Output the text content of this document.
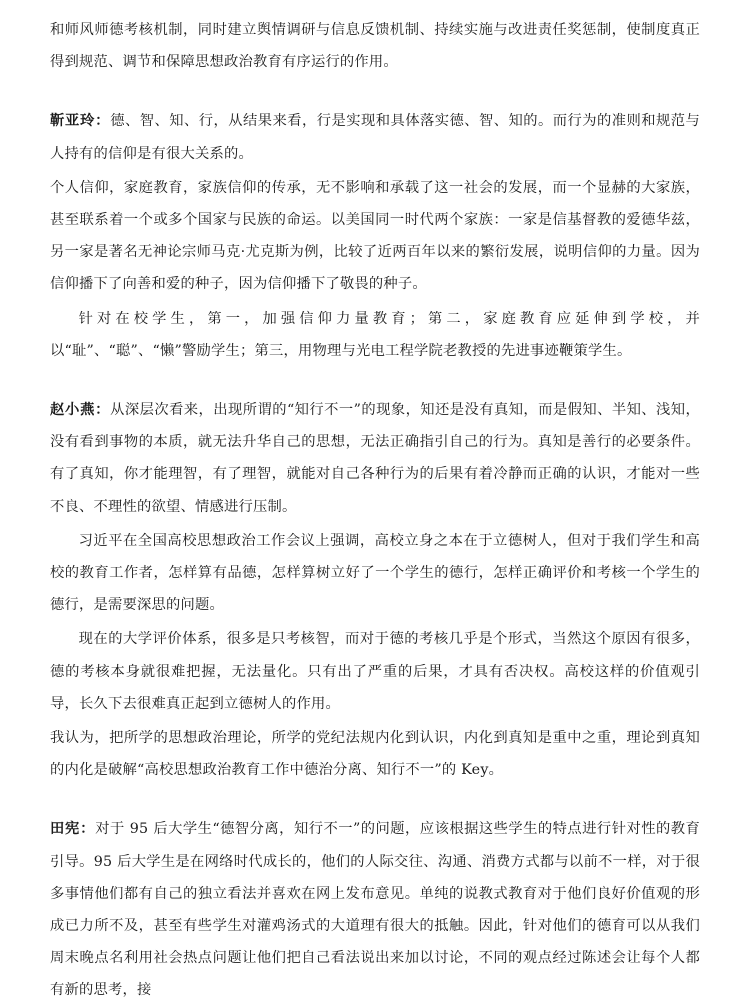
和师风师德考核机制，同时建立舆情调研与信息反馈机制、持续实施与改进责任奖惩制，使制度真正得到规范、调节和保障思想政治教育有序运行的作用。

靳亚玲：德、智、知、行，从结果来看，行是实现和具体落实德、智、知的。而行为的准则和规范与人持有的信仰是有很大关系的。

个人信仰，家庭教育，家族信仰的传承，无不影响和承载了这一社会的发展，而一个显赫的大家族，甚至联系着一个或多个国家与民族的命运。以美国同一时代两个家族：一家是信基督教的爱德华兹，另一家是著名无神论宗师马克·尤克斯为例，比较了近两百年以来的繁衍发展，说明信仰的力量。因为信仰播下了向善和爱的种子，因为信仰播下了敬畏的种子。

针对在校学生，第一，加强信仰力量教育；第二，家庭教育应延伸到学校，并以“耻”、“聪”、“懒”警励学生；第三，用物理与光电工程学院老教授的先进事迹鞭策学生。

赵小燕：从深层次看来，出现所谓的“知行不一”的现象，知还是没有真知，而是假知、半知、浅知，没有看到事物的本质，就无法升华自己的思想，无法正确指引自己的行为。真知是善行的必要条件。有了真知，你才能理智，有了理智，就能对自己各种行为的后果有着冷静而正确的认识，才能对一些不良、不理性的欲望、情感进行压制。

习近平在全国高校思想政治工作会议上强调，高校立身之本在于立德树人，但对于我们学生和高校的教育工作者，怎样算有品德，怎样算树立好了一个学生的德行，怎样正确评价和考核一个学生的德行，是需要深思的问题。

现在的大学评价体系，很多是只考核智，而对于德的考核几乎是个形式，当然这个原因有很多，德的考核本身就很难把握，无法量化。只有出了严重的后果，才具有否决权。高校这样的价值观引导，长久下去很难真正起到立德树人的作用。

我认为，把所学的思想政治理论，所学的党纪法规内化到认识，内化到真知是重中之重，理论到真知的内化是破解“高校思想政治教育工作中德治分离、知行不一”的 Key。

田宪：对于 95 后大学生“德智分离，知行不一”的问题，应该根据这些学生的特点进行针对性的教育引导。95 后大学生是在网络时代成长的，他们的人际交往、沟通、消费方式都与以前不一样，对于很多事情他们都有自己的独立看法并喜欢在网上发布意见。单纯的说教式教育对于他们良好价值观的形成已力所不及，甚至有些学生对灌鸡汤式的大道理有很大的抵触。因此，针对他们的德育可以从我们周末晚点名利用社会热点问题让他们把自己看法说出来加以讨论，不同的观点经过陈述会让每个人都有新的思考，接
